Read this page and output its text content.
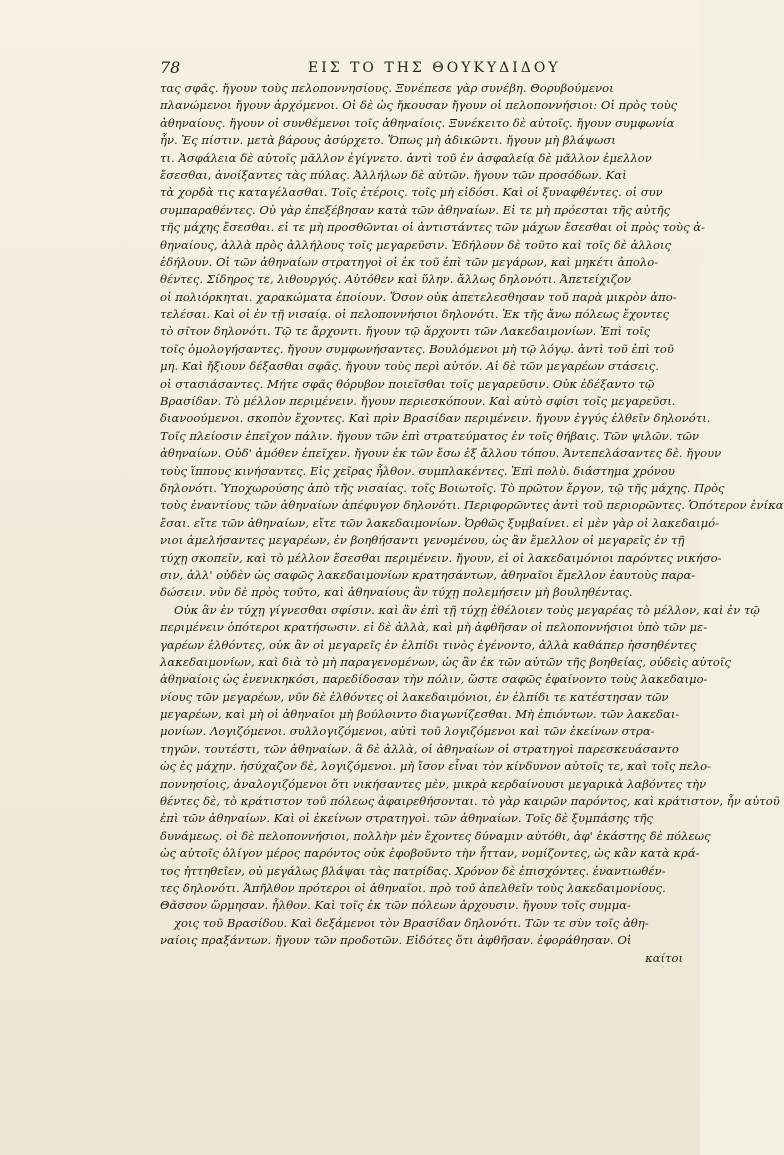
78	ΕΙΣ ΤΟ ΤΗΣ ΘΟΥΚΥΔΙΔΟΥ
τας σφᾶς. ἤγουν τοὺς πελοποννησίους. Ξυνέπεσε γὰρ συνέβη. Θορυβούμενοι
πλανώμενοι ἤγουν ἀρχόμενοι. Οἱ δὲ ὡς ἤκουσαν ἤγουν οἱ πελοποννήσιοι: Οἱ πρὸς τοὺς
ἀθηναίους. ἤγουν οἱ συνθέμενοι τοῖς ἀθηναίοις. Ξυνέκειτο δὲ αὐτοῖς. ἤγουν συμφωνία
ἦν. Ἐς πίστιν. μετὰ βάρους ἀσύρχετο. Ὅπως μὴ ἀδικῶντι. ἤγουν μὴ βλάψωσι
τι. Ἀσφάλεια δὲ αὐτοῖς μᾶλλον ἐγίγνετο. ἀντὶ τοῦ ἐν ἀσφαλείᾳ δὲ μᾶλλον ἐμελλον
ἔσεσθαι, ἀνοίξαντες τὰς πύλας. Ἀλλήλων δὲ αὐτῶν. ἤγουν τῶν προσόδων. Καὶ
τὰ χορδὰ τις καταγέλασθαι. Τοῖς ἐτέροις. τοῖς μὴ εἰδόσι. Καὶ οἱ ξυναφθέντες. οἱ συν
συμπαραθέντες. Οὐ γὰρ ἐπεξέβησαν κατὰ τῶν ἀθηναίων. Εἰ τε μὴ πρόεσται τῆς αὐτῆς
τῆς μάχης ἔσεσθαι. εἰ τε μὴ προσθῶνται οἱ ἀντιστάντες τῶν μάχων ἔσεσθαι οἱ πρὸς τοὺς ἀ-
θηναίους, ἀλλὰ πρὸς ἀλλήλους τοῖς μεγαρεῦσιν. Ἐδήλουν δὲ τοῦτο καὶ τοῖς δὲ ἀλλοις
ἐδήλουν. Οἱ τῶν ἀθηναίων στρατηγοὶ οἱ ἐκ τοῦ ἐπὶ τῶν μεγάρων, καὶ μηκέτι ἀπολο-
θέντες. Σίδηρος τε, λιθουργός. Αὐτόθεν καὶ ὕλην. ἄλλως δηλονότι. Ἀπετείχιζον
οἱ πολιόρκηται. χαρακώματα ἐποίουν. Ὅσον οὐκ ἀπετελεσθησαν τοῦ παρὰ μικρὸν ἀπο-
τελέσαι. Καὶ οἱ ἐν τῇ νισαίᾳ. οἱ πελοποννήσιοι δηλονότι. Ἐκ τῆς ἄνω πόλεως ἔχοντες
τὸ σῖτον δηλονότι. Τῷ τε ἄρχοντι. ἤγουν τῷ ἄρχοντι τῶν Λακεδαιμονίων. Ἐπὶ τοῖς
τοῖς ὁμολογήσαντες. ἤγουν συμφωνήσαντες. Βουλόμενοι μὴ τῷ λόγῳ. ἀντὶ τοῦ ἐπὶ τοῦ
μη. Καὶ ἤξιουν δέξασθαι σφᾶς. ἤγουν τοὺς περὶ αὐτόν. Αἰ δὲ τῶν μεγαρέων στάσεις.
οἱ στασιάσαντες. Μήτε σφᾶς θόρυβον ποιεῖσθαι τοῖς μεγαρεῦσιν. Οὐκ ἐδέξαντο τῷ
Βρασίδαν. Τὸ μέλλον περιμένειν. ἤγουν περιεσκόπουν. Καὶ αὐτὸ σφίσι τοῖς μεγαρεῦσι.
διανοούμενοι. σκοπὸν ἔχοντες. Καὶ πρὶν Βρασίδαν περιμένειν. ἤγουν ἐγγύς ἐλθεῖν δηλονότι.
Τοῖς πλείοσιν ἐπεῖχον πάλιν. ἤγουν τῶν ἐπὶ στρατεύματος ἐν τοῖς θήβαις. Τῶν ψιλῶν. τῶν
ἀθηναίων. Οὐδ' ἀμόθεν ἐπεῖχεν. ἤγουν ἐκ τῶν ἔσω ἐξ ἄλλου τόπου. Ἀντεπελάσαντες δὲ. ἤγουν
τοὺς ἵππους κινήσαντες. Εἰς χεῖρας ἦλθον. συμπλακέντες. Ἐπὶ πολὺ. διάστημα χρόνου
δηλονότι. Ὑποχωρούσης ἀπὸ τῆς νισαίας. τοῖς Βοιωτοῖς. Τὸ πρῶτον ἔργον, τῷ τῆς μάχης. Πρὸς
τοὺς ἐναντίους τῶν ἀθηναίων ἀπέφυγον δηλονότι. Περιφορῶντες ἀντὶ τοῦ περιορῶντες. Ὁπότερον ἐνίκα
ἔσαι. εἴτε τῶν ἀθηναίων, εἴτε τῶν λακεδαιμονίων. Ὀρθῶς ξυμβαίνει. εἰ μὲν γὰρ οἱ λακεδαιμό-
νιοι ἀμελήσαντες μεγαρέων, ἐν βοηθήσαντι γενομένου, ὡς ἂν ἔμελλον οἱ μεγαρεῖς ἐν τῇ
τύχῃ σκοπεῖν, καὶ τὸ μέλλον ἔσεσθαι περιμένειν. ἤγουν, εἰ οἱ λακεδαιμόνιοι παρόντες νικήσο-
σιν, ἀλλ' οὐδὲν ὡς σαφῶς λακεδαιμονίων κρατησάντων, ἀθηναῖοι ἔμελλον ἑαυτοὺς παρα-
δώσειν. νῦν δὲ πρὸς τοῦτο, καὶ ἀθηναίους ἂν τύχῃ πολεμήσειν μὴ βουληθέντας.
Οὐκ ἂν ἐν τύχῃ γίγνεσθαι σφίσιν. καὶ ἂν ἐπὶ τῇ τύχῃ ἐθέλοιεν τοὺς μεγαρέας τὸ μέλλον, καὶ ἐν τῷ
περιμένειν ὁπότεροι κρατήσωσιν. εἰ δὲ ἀλλὰ, καὶ μὴ ἀφθῆσαν οἱ πελοποννήσιοι ὑπὸ τῶν με-
γαρέων ἐλθόντες, οὐκ ἂν οἱ μεγαρεῖς ἐν ἐλπίδι τινὸς ἐγένοντο, ἀλλὰ καθάπερ ἡσσηθέντες
λακεδαιμονίων, καὶ διὰ τὸ μὴ παραγενομένων, ὡς ἂν ἐκ τῶν αὐτῶν τῆς βοηθείας, οὐδεὶς αὐτοῖς
ἀθηναίοις ὡς ἐνενικηκόσι, παρεδίδοσαν τὴν πόλιν, ὥστε σαφῶς ἐφαίνοντο τοὺς λακεδαιμο-
νίους τῶν μεγαρέων, νῦν δὲ ἐλθόντες οἱ λακεδαιμόνιοι, ἐν ἐλπίδι τε κατέστησαν τῶν
μεγαρέων, καὶ μὴ οἱ ἀθηναῖοι μὴ βούλοιντο διαγωνίζεσθαι. Μὴ ἐπιόντων. τῶν λακεδαι-
μονίων. Λογιζόμενοι. συλλογιζόμενοι, αὐτὶ τοῦ λογιζόμενοι καὶ τῶν ἐκείνων στρα-
τηγῶν. τουτέστι, τῶν ἀθηναίων. ἃ δὲ ἀλλὰ, οἱ ἀθηναίων οἱ στρατηγοὶ παρεσκευάσαντο
ὡς ἐς μάχην. ἡσύχαζον δὲ, λογιζόμενοι. μὴ ἴσον εἶναι τὸν κίνδυνον αὐτοῖς τε, καὶ τοῖς πελο-
ποννησίοις, ἀναλογιζόμενοι ὅτι νικήσαντες μὲν, μικρὰ κερδαίνουσι μεγαρικὰ λαβόντες τὴν
θέντες δὲ, τὸ κράτιστον τοῦ πόλεως ἀφαιρεθήσονται. τὸ γὰρ καιρῶν παρόντος, καὶ κράτιστον, ἦν αὐτοῦ
ἐπὶ τῶν ἀθηναίων. Καὶ οἱ ἐκείνων στρατηγοὶ. τῶν ἀθηναίων. Τοῖς δὲ ξυμπάσης τῆς
δυνάμεως. οἱ δὲ πελοποννήσιοι, πολλὴν μὲν ἔχοντες δύναμιν αὐτόθι, ἀφ' ἑκάστης δὲ πόλεως
ὡς αὐτοῖς ὀλίγον μέρος παρόντος οὐκ ἐφοβοῦντο τὴν ἧτταν, νομίζοντες, ὡς κἂν κατὰ κρά-
τος ἡττηθεῖεν, οὐ μεγάλως βλάψαι τὰς πατρίδας. Χρόνον δὲ ἐπισχόντες. ἐναντιωθέν-
τες δηλονότι. Ἀπῆλθον πρότεροι οἱ ἀθηναῖοι. πρὸ τοῦ ἀπελθεῖν τοὺς λακεδαιμονίους.
Θᾶσσον ὥρμησαν. ἦλθον. Καὶ τοῖς ἐκ τῶν πόλεων ἀρχουσιν. ἤγουν τοῖς συμμα-
χοις τοῦ Βρασίδου. Καὶ δεξάμενοι τὸν Βρασίδαν δηλονότι. Τῶν τε σὺν τοῖς ἀθη-
ναίοις πραξάντων. ἤγουν τῶν προδοτῶν. Εἰδότες ὅτι ἀφθῆσαν. ἐφοράθησαν. Οἱ
καίτοι
